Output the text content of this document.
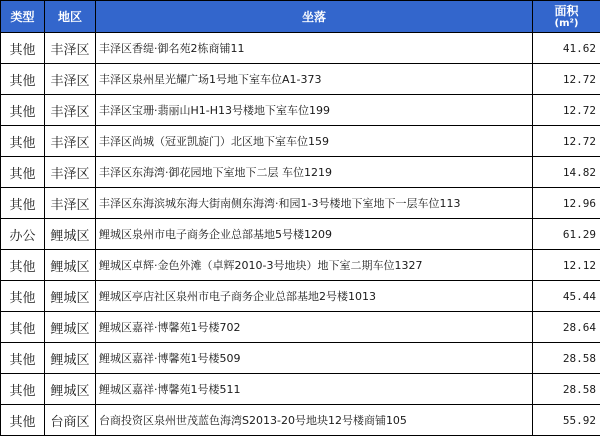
类型	地区	坐落	面积
(m²)

其他	丰泽区	丰泽区香缇·御名苑2栋商铺11	41.62
其他	丰泽区	丰泽区泉州星光耀广场1号地下室车位A1-373	12.72
其他	丰泽区	丰泽区宝珊·翡丽山H1-H13号楼地下室车位199	12.72
其他	丰泽区	丰泽区尚城（冠亚凯旋门）北区地下室车位159	12.72
其他	丰泽区	丰泽区东海湾·御花园地下室地下二层 车位1219	14.82
其他	丰泽区	丰泽区东海滨城东海大街南侧东海湾·和园1-3号楼地下室地下一层车位113	12.96
办公	鲤城区	鲤城区泉州市电子商务企业总部基地5号楼1209	61.29
其他	鲤城区	鲤城区卓辉·金色外滩（卓辉2010-3号地块）地下室二期车位1327	12.12
其他	鲤城区	鲤城区亭店社区泉州市电子商务企业总部基地2号楼1013	45.44
其他	鲤城区	鲤城区嘉祥·博馨苑1号楼702	28.64
其他	鲤城区	鲤城区嘉祥·博馨苑1号楼509	28.58
其他	鲤城区	鲤城区嘉祥·博馨苑1号楼511	28.58
其他	台商区	台商投资区泉州世茂蓝色海湾S2013-20号地块12号楼商铺105	55.92
